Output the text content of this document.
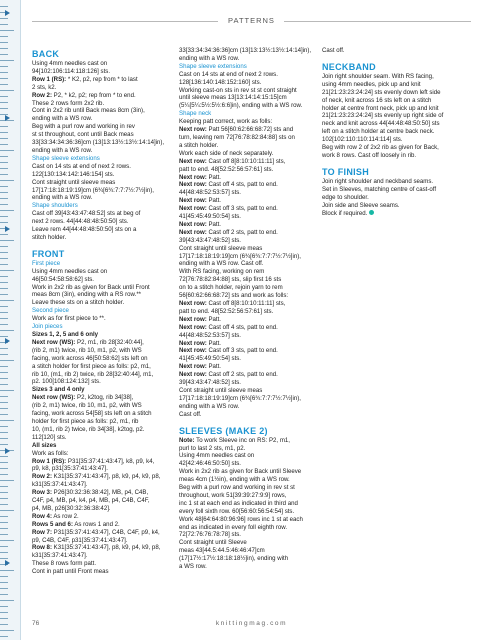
PATTERNS
BACK
Using 4mm needles cast on
94[102:106:114:118:126] sts.
Row 1 (RS): * K2, p2, rep from * to last
2 sts, k2.
Row 2: P2, * k2, p2; rep from * to end.
These 2 rows form 2x2 rib.
Cont in 2x2 rib until Back meas 8cm (3in),
ending with a WS row.
Beg with a purl row and working in rev
st st throughout, cont until Back meas
33[33:34:34:36:36]cm (13[13:13½:13½:14:14]in),
ending with a WS row.
Shape sleeve extensions
Cast on 14 sts at end of next 2 rows.
122[130:134:142:146:154] sts.
Cont straight until sleeve meas
17[17:18:18:19:19]cm (6¾[6¾:7:7:7½:7½]in),
ending with a WS row.
Shape shoulders
Cast off 39[43:43:47:48:52] sts at beg of
next 2 rows. 44[44:48:48:50:50] sts.
Leave rem 44[44:48:48:50:50] sts on a
stitch holder.
FRONT
First piece
Using 4mm needles cast on
46[50:54:58:58:62] sts.
Work in 2x2 rib as given for Back until Front
meas 8cm (3in), ending with a RS row.**
Leave these sts on a stitch holder.
Second piece
Work as for first piece to **.
Join pieces
Sizes 1, 2, 5 and 6 only
Next row (WS): P2, m1, rib 28[32:40:44],
(rib 2, m1) twice, rib 10, m1, p2, with WS
facing, work across 46[50:58:62] sts left on
a stitch holder for first piece as folls: p2, m1,
rib 10, (m1, rib 2) twice, rib 28[32:40:44], m1,
p2. 100[108:124:132] sts.
Sizes 3 and 4 only
Next row (WS): P2, k2tog, rib 34[38],
(rib 2, m1) twice, rib 10, m1, p2, with WS
facing, work across 54[58] sts left on a stitch
holder for first piece as folls: p2, m1, rib
10, (m1, rib 2) twice, rib 34[38], k2tog, p2.
112[120] sts.
All sizes
Work as folls:
Row 1 (RS): P31[35:37:41:43:47], k8, p9, k4,
p9, k8, p31[35:37:41:43:47].
Row 2: K31[35:37:41:43:47], p8, k9, p4, k9, p8,
k31[35:37:41:43:47].
Row 3: P26[30:32:36:38:42], MB, p4, C4B,
C4F, p4, MB, p4, k4, p4, MB, p4, C4B, C4F,
p4, MB, p26[30:32:36:38:42].
Row 4: As row 2.
Rows 5 and 6: As rows 1 and 2.
Row 7: P31[35:37:41:43:47], C4B, C4F, p9, k4,
p9, C4B, C4F, p31[35:37:41:43:47].
Row 8: K31[35:37:41:43:47], p8, k9, p4, k9, p8,
k31[35:37:41:43:47].
These 8 rows form patt.
Cont in patt until Front meas
33[33:34:34:36:36]cm (13[13:13½:13½:14:14]in),
ending with a WS row.
Shape sleeve extensions
Cast on 14 sts at end of next 2 rows.
128[136:140:148:152:160] sts.
Working cast-on sts in rev st st cont straight
until sleeve meas 13[13:14:14:15:15]cm
(5¼[5¼:5½:5½:6:6]in), ending with a WS row.
Shape neck
Keeping patt correct, work as folls:
Next row: Patt 56[60:62:66:68:72] sts and
turn, leaving rem 72[76:78:82:84:88] sts on
a stitch holder.
Work each side of neck separately.
Next row: Cast off 8[8:10:10:11:11] sts,
patt to end. 48[52:52:56:57:61] sts.
Next row: Patt.
Next row: Cast off 4 sts, patt to end.
44[48:48:52:53:57] sts.
Next row: Patt.
Next row: Cast off 3 sts, patt to end.
41[45:45:49:50:54] sts.
Next row: Patt.
Next row: Cast off 2 sts, patt to end.
39[43:43:47:48:52] sts.
Cont straight until sleeve meas
17[17:18:18:19:19]cm (6¾[6¾:7:7:7½:7½]in),
ending with a WS row. Cast off.
With RS facing, working on rem
72[76:78:82:84:88] sts, slip first 16 sts
on to a stitch holder, rejoin yarn to rem
56[60:62:66:68:72] sts and work as folls:
Next row: Cast off 8[8:10:10:11:11] sts,
patt to end. 48[52:52:56:57:61] sts.
Next row: Patt.
Next row: Cast off 4 sts, patt to end.
44[48:48:52:53:57] sts.
Next row: Patt.
Next row: Cast off 3 sts, patt to end.
41[45:45:49:50:54] sts.
Next row: Patt.
Next row: Cast off 2 sts, patt to end.
39[43:43:47:48:52] sts.
Cont straight until sleeve meas
17[17:18:18:19:19]cm (6¾[6¾:7:7:7½:7½]in),
ending with a WS row.
Cast off.
SLEEVES (MAKE 2)
Note: To work Sleeve inc on RS: P2, m1,
purl to last 2 sts, m1, p2.
Using 4mm needles cast on
42[42:46:46:50:50] sts.
Work in 2x2 rib as given for Back until Sleeve
meas 4cm (1½in), ending with a WS row.
Beg with a purl row and working in rev st st
throughout, work 51[39:39:27:9:9] rows,
inc 1 st at each end as indicated in third and
every foll sixth row. 60[56:60:56:54:54] sts.
Work 48[64:64:80:96:96] rows inc 1 st at each
end as indicated in every foll eighth row.
72[72:76:76:78:78] sts.
Cont straight until Sleeve
meas 43[44.5:44.5:46:46:47]cm
(17[17½:17½:18:18:18½]in), ending with
a WS row.
Cast off.
NECKBAND
Join right shoulder seam. With RS facing,
using 4mm needles, pick up and knit
21[21:23:23:24:24] sts evenly down left side
of neck, knit across 16 sts left on a stitch
holder at centre front neck, pick up and knit
21[21:23:23:24:24] sts evenly up right side of
neck and knit across 44[44:48:48:50:50] sts
left on a stitch holder at centre back neck.
102[102:110:110:114:114] sts.
Beg with row 2 of 2x2 rib as given for Back,
work 8 rows. Cast off loosely in rib.
TO FINISH
Join right shoulder and neckband seams.
Set in Sleeves, matching centre of cast-off
edge to shoulder.
Join side and Sleeve seams.
Block if required.
76	knittingmag.com
